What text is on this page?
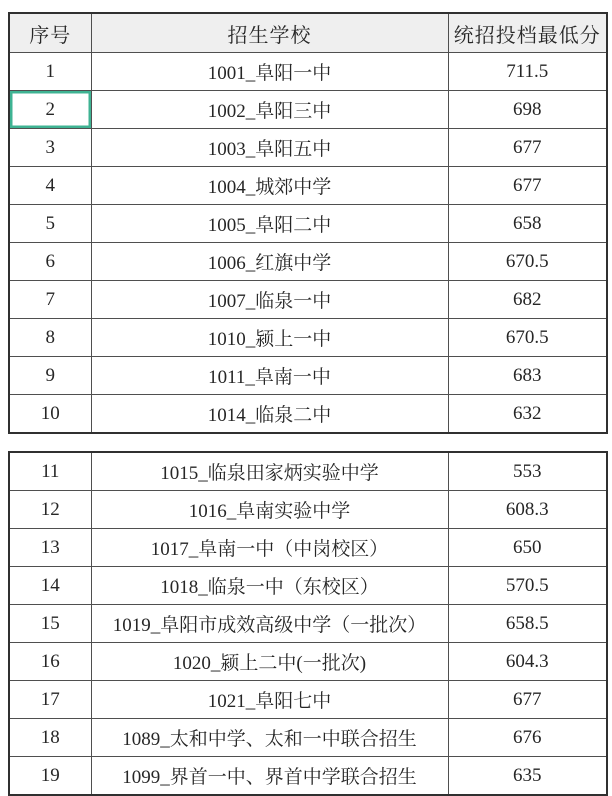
序号	招生学校	统招投档最低分
1	1001_阜阳一中	711.5
2	1002_阜阳三中	698
3	1003_阜阳五中	677
4	1004_城郊中学	677
5	1005_阜阳二中	658
6	1006_红旗中学	670.5
7	1007_临泉一中	682
8	1010_颍上一中	670.5
9	1011_阜南一中	683
10	1014_临泉二中	632
11	1015_临泉田家炳实验中学	553
12	1016_阜南实验中学	608.3
13	1017_阜南一中（中岗校区）	650
14	1018_临泉一中（东校区）	570.5
15	1019_阜阳市成效高级中学（一批次）	658.5
16	1020_颍上二中(一批次)	604.3
17	1021_阜阳七中	677
18	1089_太和中学、太和一中联合招生	676
19	1099_界首一中、界首中学联合招生	635
